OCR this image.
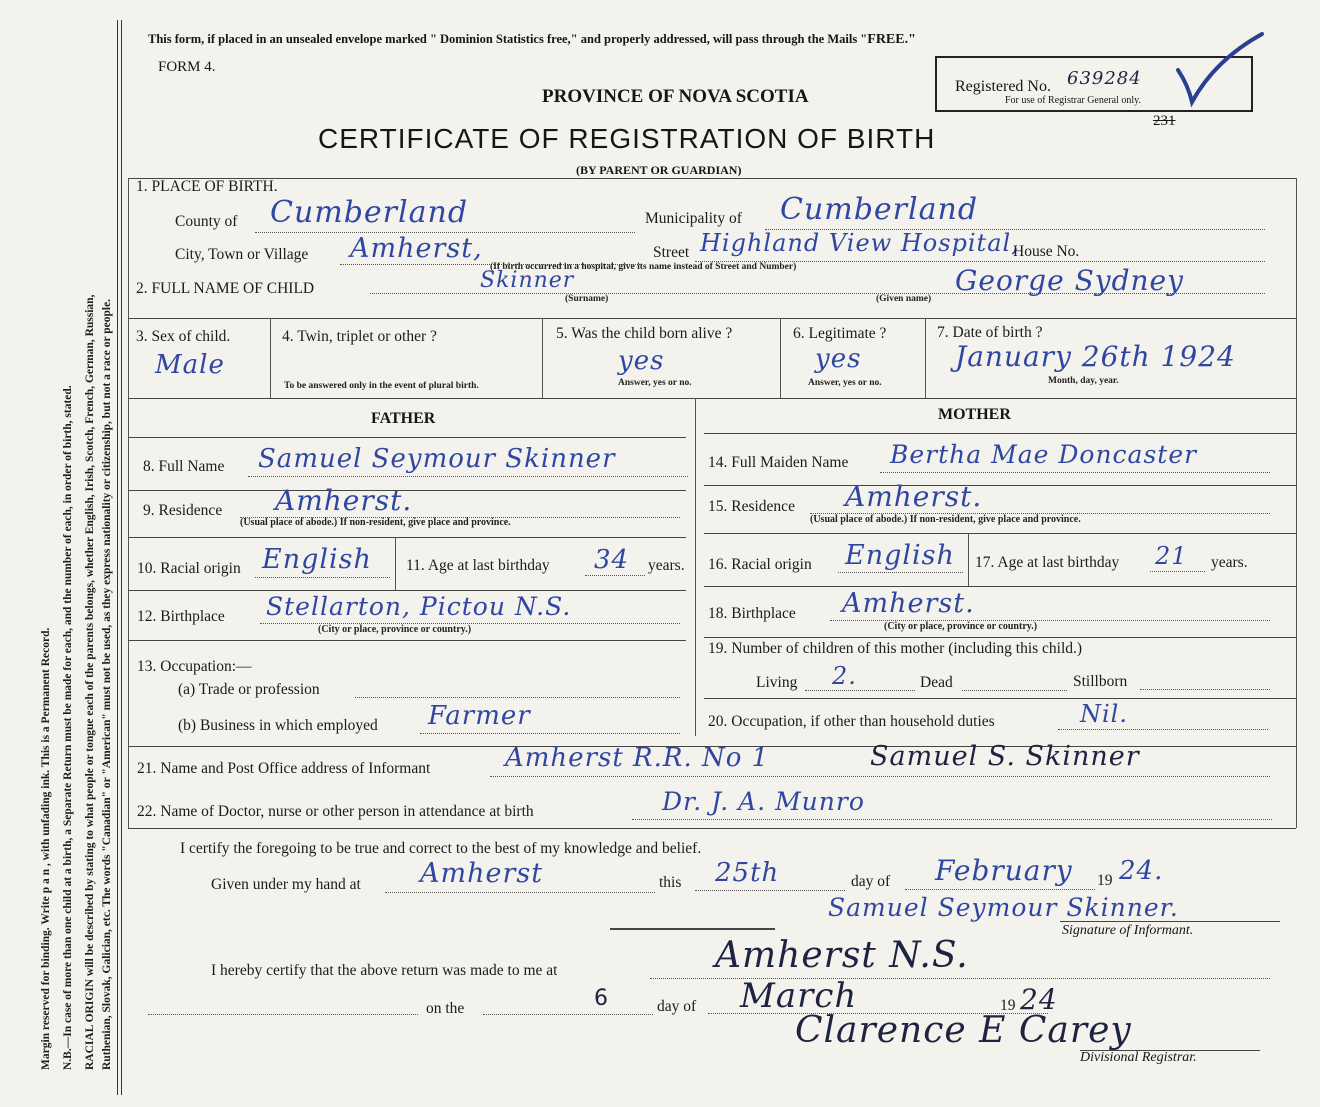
Margin reserved for binding. Write p a n , with unfading ink. This is a Permanent Record. N.B.—In case of more than one child at a birth, a Separate Return must be made for each, and the number of each, in order of birth, stated. RACIAL ORIGIN will be described by stating to what people or tongue each of the parents belongs, whether English, Irish, Scotch, French, German, Russian, Ruthenian, Slovak, Galician, etc. The words "Canadian" or "American" must not be used, as they express nationality or citizenship, but not a race or people.
This form, if placed in an unsealed envelope marked " Dominion Statistics free," and properly addressed, will pass through the Mails "FREE."
FORM 4.
Registered No. 639284
For use of Registrar General only.
231
PROVINCE OF NOVA SCOTIA
CERTIFICATE OF REGISTRATION OF BIRTH
(BY PARENT OR GUARDIAN)
1. PLACE OF BIRTH.
County of Cumberland	Municipality of Cumberland
City, Town or Village Amherst,	Street Highland View Hospital,
House No.
(If birth occurred in a hospital, give its name instead of Street and Number)
2. FULL NAME OF CHILD	Skinner
(Surname)
George Sydney
(Given name)
3. Sex of child.
Male
4. Twin, triplet or other ?
To be answered only in the event of plural birth.
5. Was the child born alive ?
yes
Answer, yes or no.
6. Legitimate ?
yes
Answer, yes or no.
7. Date of birth ?
January 26th 1924
Month, day, year.
FATHER	MOTHER
8. Full Name Samuel Seymour Skinner
9. Residence Amherst.
(Usual place of abode.) If non-resident, give place and province.
10. Racial origin English 11. Age at last birthday 34 years.
12. Birthplace Stellarton, Pictou N.S.
(City or place, province or country.)
13. Occupation:—
(a) Trade or profession
(b) Business in which employed Farmer
14. Full Maiden Name Bertha Mae Doncaster
15. Residence Amherst.
(Usual place of abode.) If non-resident, give place and province.
16. Racial origin English 17. Age at last birthday 21 years.
18. Birthplace Amherst.
(City or place, province or country.)
19. Number of children of this mother (including this child.)
Living 2.	Dead	Stillborn
20. Occupation, if other than household duties	Nil.
21. Name and Post Office address of Informant	Amherst R.R. No 1	Samuel S. Skinner
22. Name of Doctor, nurse or other person in attendance at birth	Dr. J. A. Munro
I certify the foregoing to be true and correct to the best of my knowledge and belief.
Given under my hand at Amherst	this 25th	day of February 19 24.
Samuel Seymour Skinner.
Signature of Informant.
I hereby certify that the above return was made to me at	Amherst N.S.
on the	6	day of March	19 24
Clarence E Carey
Divisional Registrar.
